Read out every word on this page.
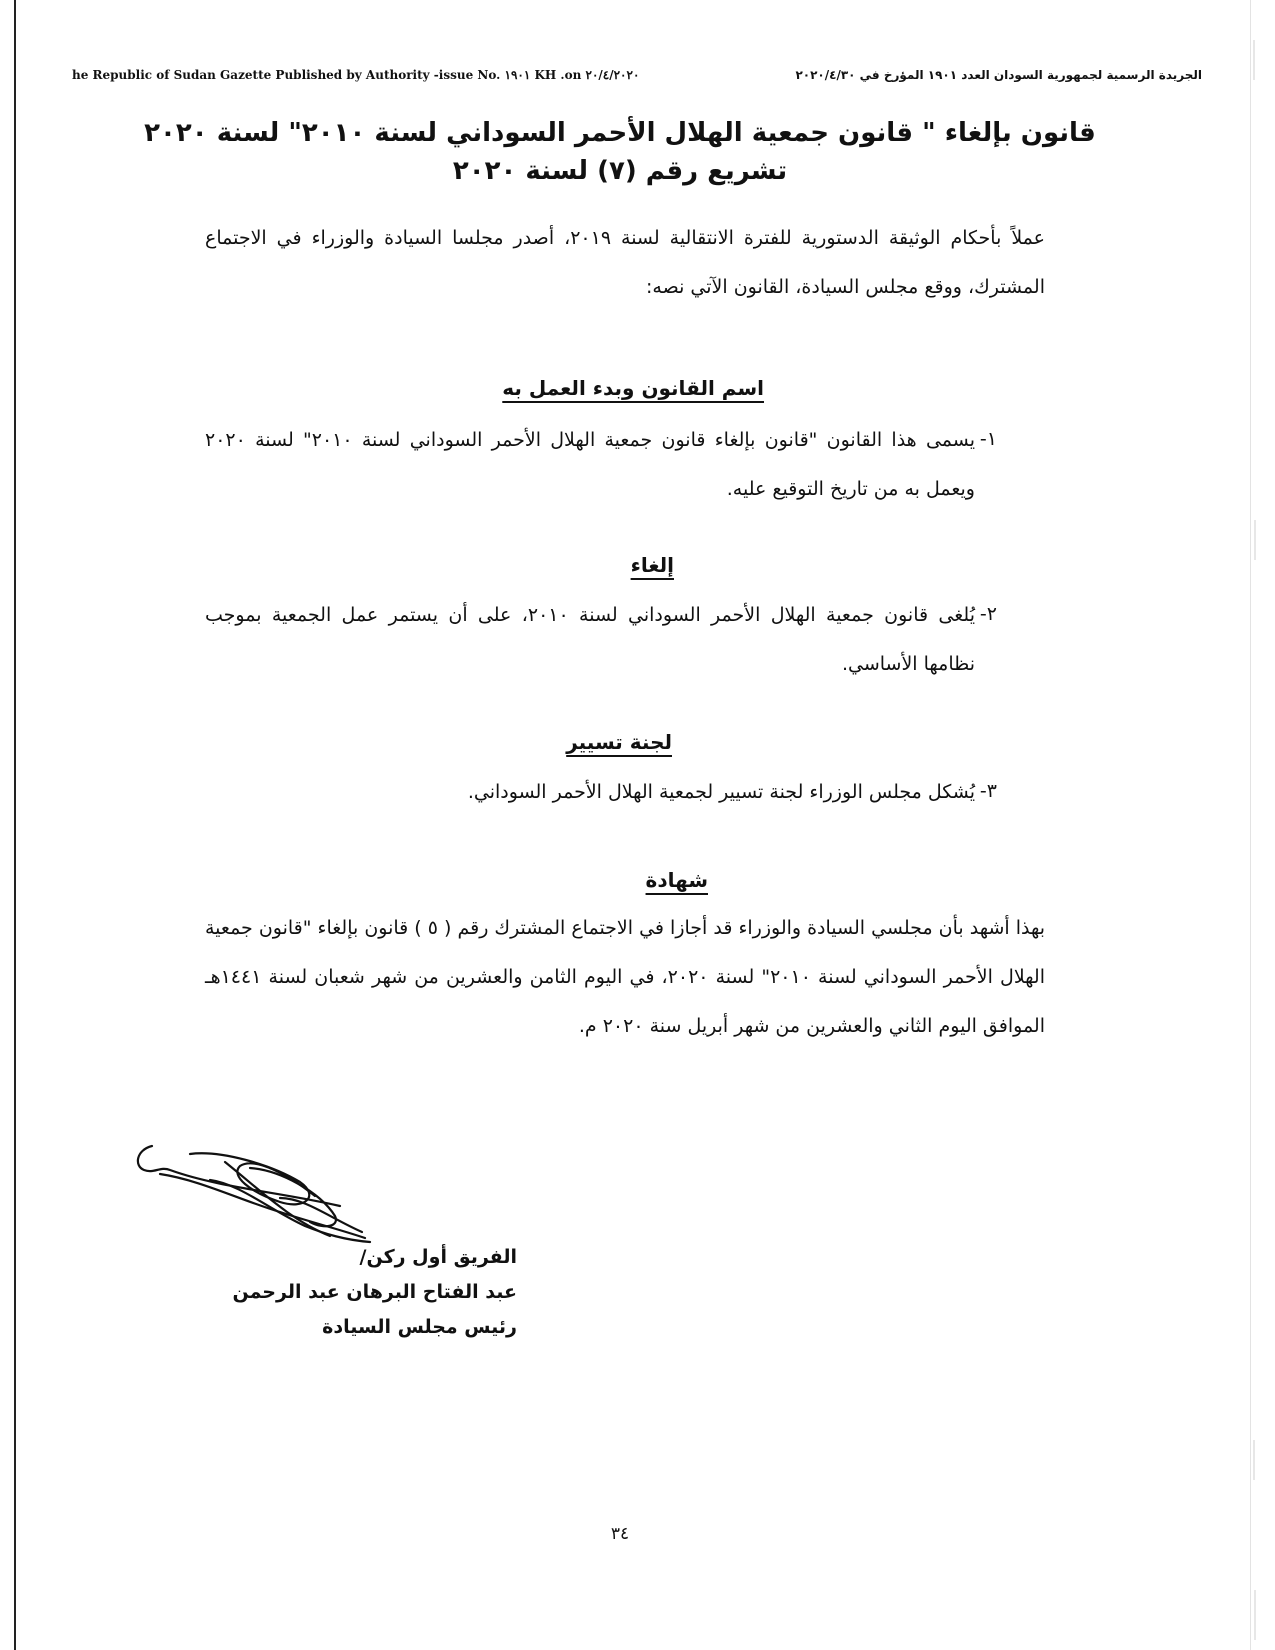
he Republic of Sudan Gazette Published by Authority -issue No. ١٩٠١ KH .on ٢٠/٤/٢٠٢٠	الجريدة الرسمية لجمهورية السودان العدد ١٩٠١ المؤرخ في ٢٠٢٠/٤/٣٠
قانون بإلغاء " قانون جمعية الهلال الأحمر السوداني لسنة ٢٠١٠" لسنة ٢٠٢٠
تشريع رقم (٧) لسنة ٢٠٢٠
عملاً بأحكام الوثيقة الدستورية للفترة الانتقالية لسنة ٢٠١٩، أصدر مجلسا السيادة والوزراء في الاجتماع المشترك، ووقع مجلس السيادة، القانون الآتي نصه:
اسم القانون وبدء العمل به
١-
يسمى هذا القانون "قانون بإلغاء قانون جمعية الهلال الأحمر السوداني لسنة ٢٠١٠" لسنة ٢٠٢٠ ويعمل به من تاريخ التوقيع عليه.
إلغاء
٢-
يُلغى قانون جمعية الهلال الأحمر السوداني لسنة ٢٠١٠، على أن يستمر عمل الجمعية بموجب نظامها الأساسي.
لجنة تسيير
٣-
يُشكل مجلس الوزراء لجنة تسيير لجمعية الهلال الأحمر السوداني.
شهادة
بهذا أشهد بأن مجلسي السيادة والوزراء قد أجازا في الاجتماع المشترك رقم ( ٥ ) قانون بإلغاء "قانون جمعية الهلال الأحمر السوداني لسنة ٢٠١٠" لسنة ٢٠٢٠، في اليوم الثامن والعشرين من شهر شعبان لسنة ١٤٤١هـ الموافق اليوم الثاني والعشرين من شهر أبريل سنة ٢٠٢٠ م.
الفريق أول ركن/
عبد الفتاح البرهان عبد الرحمن
رئيس مجلس السيادة
٣٤
